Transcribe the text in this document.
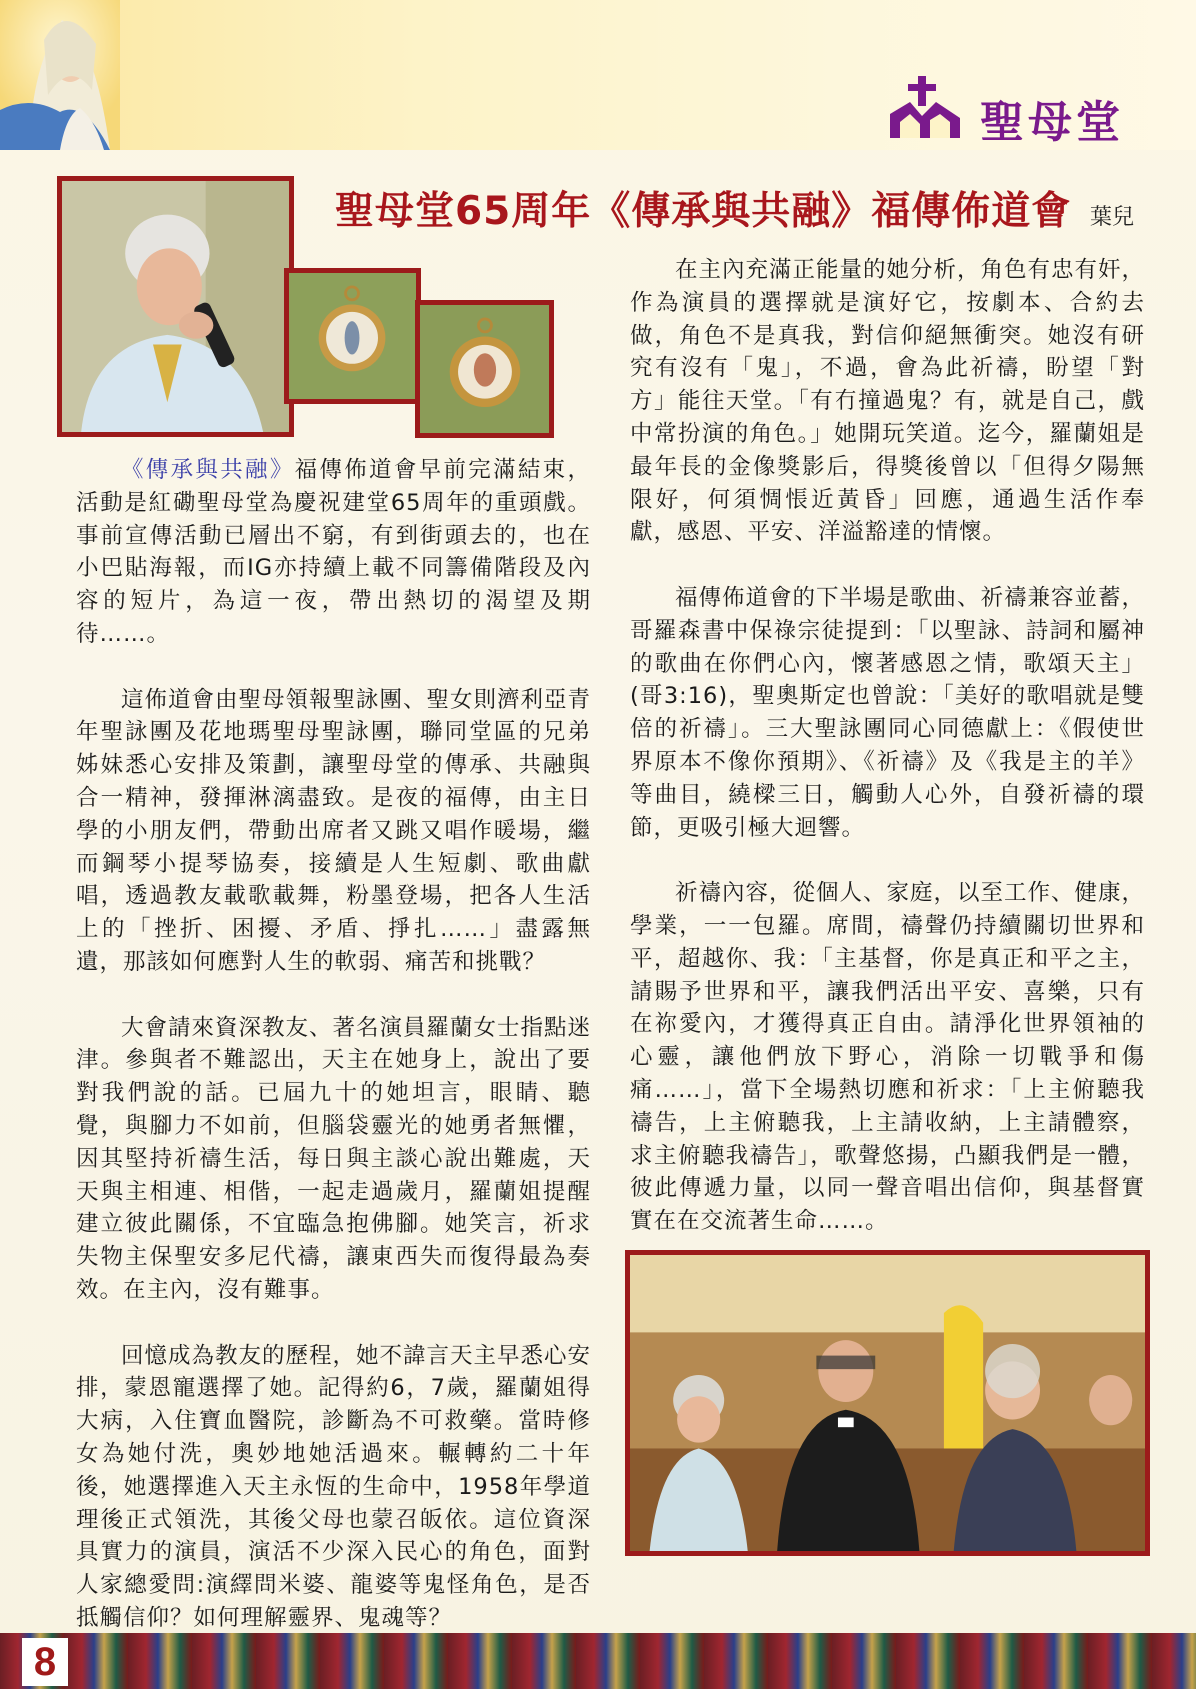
聖母堂
聖母堂65周年《傳承與共融》福傳佈道會 葉兒

《傳承與共融》福傳佈道會早前完滿結束，活動是紅磡聖母堂為慶祝建堂65周年的重頭戲。事前宣傳活動已層出不窮，有到街頭去的，也在小巴貼海報，而IG亦持續上載不同籌備階段及內容的短片，為這一夜，帶出熱切的渴望及期待……。

這佈道會由聖母領報聖詠團、聖女則濟利亞青年聖詠團及花地瑪聖母聖詠團，聯同堂區的兄弟姊妹悉心安排及策劃，讓聖母堂的傳承、共融與合一精神，發揮淋漓盡致。是夜的福傳，由主日學的小朋友們，帶動出席者又跳又唱作暖場，繼而鋼琴小提琴協奏，接續是人生短劇、歌曲獻唱，透過教友載歌載舞，粉墨登場，把各人生活上的「挫折、困擾、矛盾、掙扎……」盡露無遺，那該如何應對人生的軟弱、痛苦和挑戰？

大會請來資深教友、著名演員羅蘭女士指點迷津。參與者不難認出，天主在她身上，說出了要對我們說的話。已屆九十的她坦言，眼睛、聽覺，與腳力不如前，但腦袋靈光的她勇者無懼，因其堅持祈禱生活，每日與主談心說出難處，天天與主相連、相偕，一起走過歲月，羅蘭姐提醒建立彼此關係，不宜臨急抱佛腳。她笑言，祈求失物主保聖安多尼代禱，讓東西失而復得最為奏效。在主內，沒有難事。

回憶成為教友的歷程，她不諱言天主早悉心安排，蒙恩寵選擇了她。記得約6，7歲，羅蘭姐得大病，入住寶血醫院，診斷為不可救藥。當時修女為她付洗，奧妙地她活過來。輾轉約二十年後，她選擇進入天主永恆的生命中，1958年學道理後正式領洗，其後父母也蒙召皈依。這位資深具實力的演員，演活不少深入民心的角色，面對人家總愛問:演繹問米婆、龍婆等鬼怪角色，是否抵觸信仰？如何理解靈界、鬼魂等？

在主內充滿正能量的她分析，角色有忠有奸，作為演員的選擇就是演好它，按劇本、合約去做，角色不是真我，對信仰絕無衝突。她沒有研究有沒有「鬼」，不過，會為此祈禱，盼望「對方」能往天堂。「有冇撞過鬼？有，就是自己，戲中常扮演的角色。」她開玩笑道。迄今，羅蘭姐是最年長的金像獎影后，得獎後曾以「但得夕陽無限好，何須惆悵近黃昏」回應，通過生活作奉獻，感恩、平安、洋溢豁達的情懷。

福傳佈道會的下半場是歌曲、祈禱兼容並蓄，哥羅森書中保祿宗徒提到：「以聖詠、詩詞和屬神的歌曲在你們心內，懷著感恩之情，歌頌天主」(哥3:16)，聖奧斯定也曾說：「美好的歌唱就是雙倍的祈禱」。三大聖詠團同心同德獻上：《假使世界原本不像你預期》、《祈禱》及《我是主的羊》等曲目，繞樑三日，觸動人心外，自發祈禱的環節，更吸引極大迴響。

祈禱內容，從個人、家庭，以至工作、健康，學業，一一包羅。席間，禱聲仍持續關切世界和平，超越你、我：「主基督，你是真正和平之主，請賜予世界和平，讓我們活出平安、喜樂，只有在祢愛內，才獲得真正自由。請淨化世界領袖的心靈，讓他們放下野心，消除一切戰爭和傷痛……」，當下全場熱切應和祈求：「上主俯聽我禱告，上主俯聽我，上主請收納，上主請體察，求主俯聽我禱告」，歌聲悠揚，凸顯我們是一體，彼此傳遞力量，以同一聲音唱出信仰，與基督實實在在交流著生命……。

8
